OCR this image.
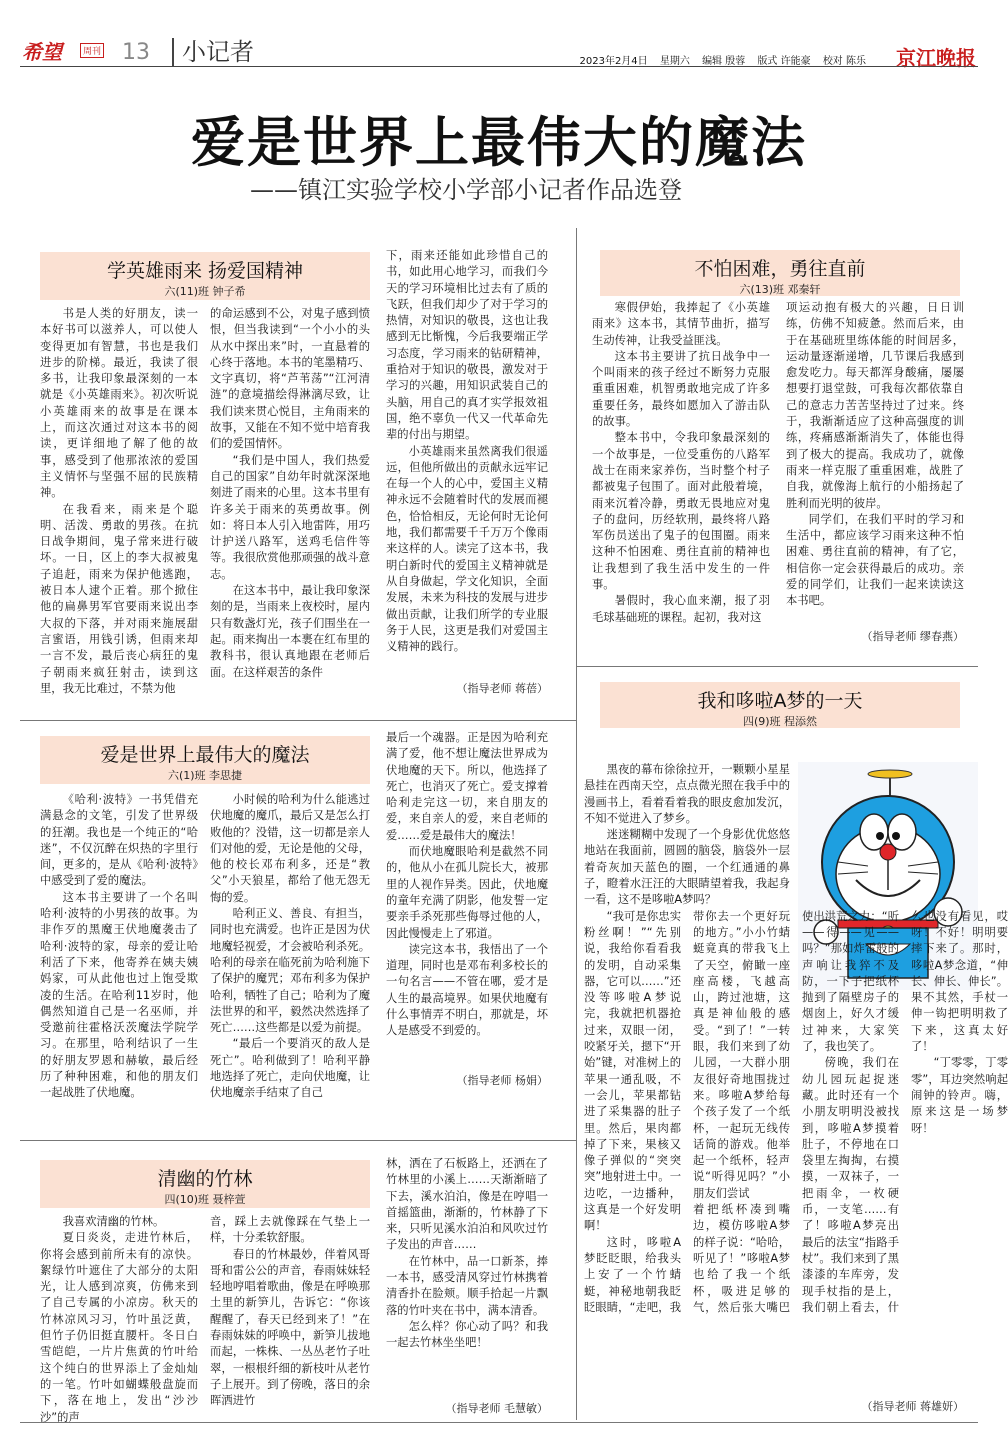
希望	周刊 13	小记者	2023年2月4日 星期六 编辑 殷蓉 版式 许能豪 校对 陈乐 京江晚报
爱是世界上最伟大的魔法
——镇江实验学校小学部小记者作品选登
学英雄雨来 扬爱国精神
六(11)班 钟子希

书是人类的好朋友，读一本好书可以滋养人，可以使人变得更加有智慧，书也是我们进步的阶梯。最近，我读了很多书，让我印象最深刻的一本就是《小英雄雨来》。初次听说小英雄雨来的故事是在课本上，而这次通过对这本书的阅读，更详细地了解了他的故事，感受到了他那浓浓的爱国主义情怀与坚强不屈的民族精神。

在我看来，雨来是个聪明、活泼、勇敢的男孩。在抗日战争期间，鬼子常来进行破坏。一日，区上的李大叔被鬼子追赶，雨来为保护他逃跑，被日本人逮个正着。那个掀住他的扁鼻男军官要雨来说出李大叔的下落，并对雨来施展甜言蜜语，用钱引诱，但雨来却一言不发，最后丧心病狂的鬼子朝雨来疯狂射击，读到这里，我无比难过，不禁为他

的命运感到不公，对鬼子感到愤恨，但当我读到“一个小小的头从水中探出来”时，一直悬着的心终于落地。本书的笔墨精巧、文字真切，将“芦苇荡”“江河清涟”的意境描绘得淋漓尽致，让我们读来贯心悦目，主角雨来的故事，又能在不知不觉中培育我们的爱国情怀。

“我们是中国人，我们热爱自己的国家”自幼年时就深深地刻进了雨来的心里。这本书里有许多关于雨来的英勇故事。例如：将日本人引入地雷阵，用巧计护送八路军，送鸡毛信件等等。我很欣赏他那顽强的战斗意志。

在这本书中，最让我印象深刻的是，当雨来上夜校时，屋内只有数盏灯光，孩子们围坐在一起。雨来掏出一本裹在红布里的教科书，很认真地跟在老师后面。在这样艰苦的条件

下，雨来还能如此珍惜自己的书，如此用心地学习，而我们今天的学习环境相比过去有了质的飞跃，但我们却少了对于学习的热情，对知识的敬畏，这也让我感到无比惭愧，今后我要端正学习态度，学习雨来的钻研精神，重拾对于知识的敬畏，激发对于学习的兴趣，用知识武装自己的头脑，用自己的真才实学报效祖国，绝不辜负一代又一代革命先辈的付出与期望。

小英雄雨来虽然离我们很遥远，但他所做出的贡献永远牢记在每一个人的心中，爱国主义精神永远不会随着时代的发展而褪色，恰恰相反，无论何时无论何地，我们都需要千千万万个像雨来这样的人。读完了这本书，我明白新时代的爱国主义精神就是从自身做起，学文化知识，全面发展，未来为科技的发展与进步做出贡献，让我们所学的专业服务于人民，这更是我们对爱国主义精神的践行。

（指导老师 蒋蓓）
不怕困难，勇往直前
六(13)班 邓秦轩

寒假伊始，我捧起了《小英雄雨来》这本书，其情节曲折，描写生动传神，让我受益匪浅。

这本书主要讲了抗日战争中一个叫雨来的孩子经过不断努力克服重重困难，机智勇敢地完成了许多重要任务，最终如愿加入了游击队的故事。

整本书中，令我印象最深刻的一个故事是，一位受重伤的八路军战士在雨来家养伤，当时整个村子都被鬼子包围了。面对此般着境，雨来沉着冷静，勇敢无畏地应对鬼子的盘问，历经软刑，最终将八路军伤员送出了鬼子的包围圈。雨来这种不怕困难、勇往直前的精神也让我想到了我生活中发生的一件事。

暑假时，我心血来潮，报了羽毛球基础班的课程。起初，我对这

项运动抱有极大的兴趣，日日训练，仿佛不知疲惫。然而后来，由于在基础班里练体能的时间居多，运动量逐渐递增，几节课后我感到愈发吃力。每天都浑身酸痛，屡屡想要打退堂鼓，可我每次都依靠自己的意志力苦苦坚持过了过来。终于，我渐渐适应了这种高强度的训练，疼痛感渐渐消失了，体能也得到了极大的提高。我成功了，就像雨来一样克服了重重困难，战胜了自我，就像海上航行的小船扬起了胜利而光明的彼岸。

同学们，在我们平时的学习和生活中，都应该学习雨来这种不怕困难、勇往直前的精神，有了它，相信你一定会获得最后的成功。亲爱的同学们，让我们一起来读读这本书吧。

（指导老师 缪春燕）
爱是世界上最伟大的魔法
六(1)班 李思捷

《哈利·波特》一书凭借充满悬念的文笔，引发了世界级的狂潮。我也是一个纯正的“哈迷”，不仅沉醉在炽热的字里行间，更多的，是从《哈利·波特》中感受到了爱的魔法。

这本书主要讲了一个名叫哈利·波特的小男孩的故事。为非作歹的黑魔王伏地魔袭击了哈利·波特的家，母亲的爱让哈利活了下来，他寄养在姨夫姨妈家，可从此他也过上饱受欺凌的生活。在哈利11岁时，他偶然知道自己是一名巫师，并受邀前往霍格沃茨魔法学院学习。在那里，哈利结识了一生的好朋友罗恩和赫敏，最后经历了种种困难，和他的朋友们一起战胜了伏地魔。

小时候的哈利为什么能逃过伏地魔的魔爪，最后又是怎么打败他的？没错，这一切都是亲人们对他的爱，无论是他的父母，他的校长邓布利多，还是“教父”小天狼星，都给了他无怨无悔的爱。

哈利正义、善良、有担当，同时也充满爱。也许正是因为伏地魔轻视爱，才会被哈利杀死。哈利的母亲在临死前为哈利施下了保护的魔咒；邓布利多为保护哈利，牺牲了自己；哈利为了魔法世界的和平，毅然决然选择了死亡……这些都是以爱为前提。

“最后一个要消灭的敌人是死亡”。哈利做到了！哈利平静地选择了死亡，走向伏地魔，让伏地魔亲手结束了自己

最后一个魂器。正是因为哈利充满了爱，他不想让魔法世界成为伏地魔的天下。所以，他选择了死亡，也消灭了死亡。爱支撑着哈利走完这一切，来自朋友的爱，来自亲人的爱，来自老师的爱……爱是最伟大的魔法！

而伏地魔眼哈利是截然不同的，他从小在孤儿院长大，被那里的人视作异类。因此，伏地魔的童年充满了阴影，他发誓一定要亲手杀死那些侮辱过他的人，因此慢慢走上了邪道。

读完这本书，我悟出了一个道理，同时也是邓布利多校长的一句名言——不管在哪，爱才是人生的最高境界。如果伏地魔有什么事情弄不明白，那就是，坏人是感受不到爱的。

（指导老师 杨娟）
我和哆啦A梦的一天
四(9)班 程添然

黑夜的幕布徐徐拉开，一颗颗小星星悬挂在西南天空，点点微光照在我手中的漫画书上，看着看着我的眼皮愈加发沉，不知不觉进入了梦乡。

迷迷糊糊中发现了一个身影优优悠悠地站在我面前，圆圆的脑袋，脑袋外一层着奇灰加天蓝色的圈，一个红通通的鼻子，瞪着水汪汪的大眼睛望着我，我起身一看，这不是哆啦A梦吗？

“我可是你忠实粉丝啊！”“先别说，我给你看看我的发明，自动采集器，它可以……”还没等哆啦A梦说完，我就把机器抢过来，双眼一闭，咬紧牙关，摁下“开始”键，对准树上的苹果一通乱吸，不一会儿，苹果都钻进了采集器的肚子里。然后，果肉都掉了下来，果核又像子弹似的“突突突”地射进土中。一边吃，一边播种，这真是一个好发明啊！

这时，哆啦A梦眨眨眼，给我头上安了一个竹蜻蜓，神秘地朝我眨眨眼睛，“走吧，我带你去一个更好玩的地方。”小小竹蜻蜓竟真的带我飞上了天空，俯瞰一座座高楼，飞越高山，跨过池塘，这真是神仙般的感受。“到了！”一转眼，我们来到了幼儿园，一大群小朋友很好奇地围拢过来。哆啦A梦给每个孩子发了一个纸杯，一起玩无线传话筒的游戏。他举起一个纸杯，轻声说“听得见吗？”小朋友们尝试

着把纸杯凑到嘴边，模仿哆啦A梦的样子说：“哈哈，听见了！”哆啦A梦也给了我一个纸杯，吸进足够的气，然后张大嘴巴使出洪荒之力：“听——得——见——吗？”那如炸雷般的声响让我猝不及防，一下子把纸杯抛到了隔壁房子的烟囱上，好久才缓过神来，大家笑了，我也笑了。

傍晚，我们在幼儿园玩起捉迷藏。此时还有一个小朋友明明没被找到，哆啦A梦摸着肚子，不停地在口袋里左掏掏，右摸摸，一双袜子，一把雨伞，一枚硬币，一支笔……有了！哆啦A梦亮出最后的法宝“指路手杖”。我们来到了黑漆漆的车库旁，发现手杖指的是上，我们朝上看去，什么也没有看见，哎呀！不好！明明要摔下来了。那时，哆啦A梦念道，“伸长、伸长、伸长”。果不其然，手杖一伸一钩把明明救了下来，这真太好了！

“丁零零，丁零零”，耳边突然响起闹钟的铃声。嗨，原来这是一场梦呀！

（指导老师 蒋雄妍）
清幽的竹林
四(10)班 聂梓萱

我喜欢清幽的竹林。

夏日炎炎，走进竹林后，你将会感到前所未有的凉快。絮绿竹叶遮住了大部分的太阳光，让人感到凉爽，仿佛来到了自己专属的小凉房。秋天的竹林凉风习习，竹叶虽泛黄，但竹子仍旧挺直腰杆。冬日白雪皑皑，一片片焦黄的竹叶给这个纯白的世界添上了金灿灿的一笔。竹叶如蝴蝶般盘旋而下，落在地上，发出“沙沙沙”的声

音，踩上去就像踩在气垫上一样，十分柔软舒服。

春日的竹林最妙，伴着风哥哥和雷公公的声音，春雨妹妹轻轻地哼唱着歌曲，像是在呼唤那土里的新笋儿，告诉它：“你该醒醒了，春天已经到来了！”在春雨妹妹的呼唤中，新笋儿拔地而起，一株株、一丛丛老竹子吐翠，一根根纤细的新枝叶从老竹子上展开。到了傍晚，落日的余晖洒进竹

林，洒在了石板路上，还洒在了竹林里的小溪上……天渐渐暗了下去，溪水泊泊，像是在哼唱一首摇篮曲，渐渐的，竹林静了下来，只听见溪水泊泊和风吹过竹子发出的声音……

在竹林中，品一口新茶，捧一本书，感受清风穿过竹林携着清香扑在脸颊。顺手拾起一片飘落的竹叶夹在书中，满本清香。

怎么样？你心动了吗？和我一起去竹林坐坐吧！

（指导老师 毛慧敏）
